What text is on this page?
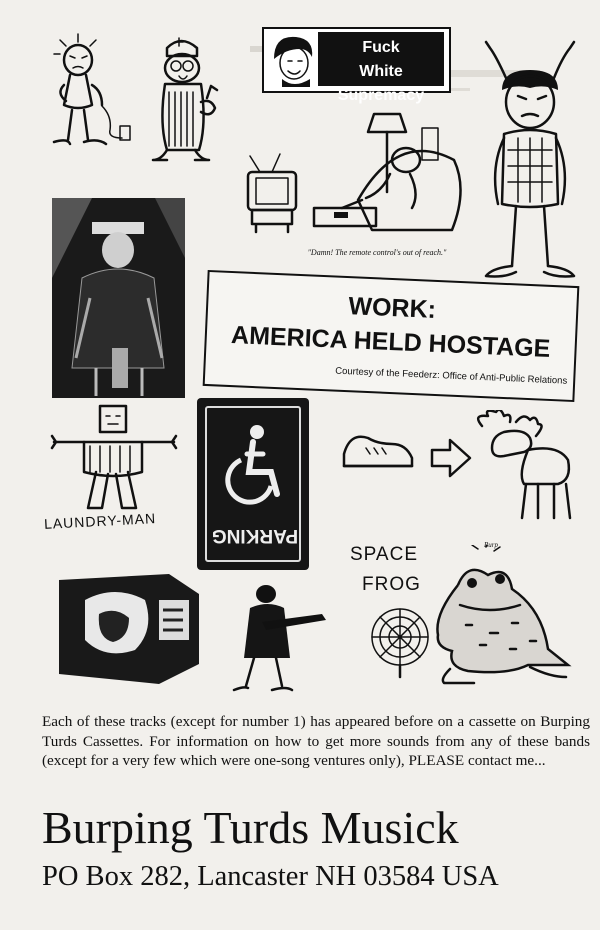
Fuck
White Supremacy
"Damn! The remote control's out of reach."
WORK:
AMERICA HELD HOSTAGE
Courtesy of the Feederz: Office of Anti-Public Relations
LAUNDRY-MAN
PARKING
SPACE
FROG
Burp
Each of these tracks (except for number 1) has appeared before on a cassette on Burping Turds Cassettes. For information on how to get more sounds from any of these bands (except for a very few which were one-song ventures only), PLEASE contact me...
Burping Turds Musick
PO Box 282, Lancaster NH 03584 USA
